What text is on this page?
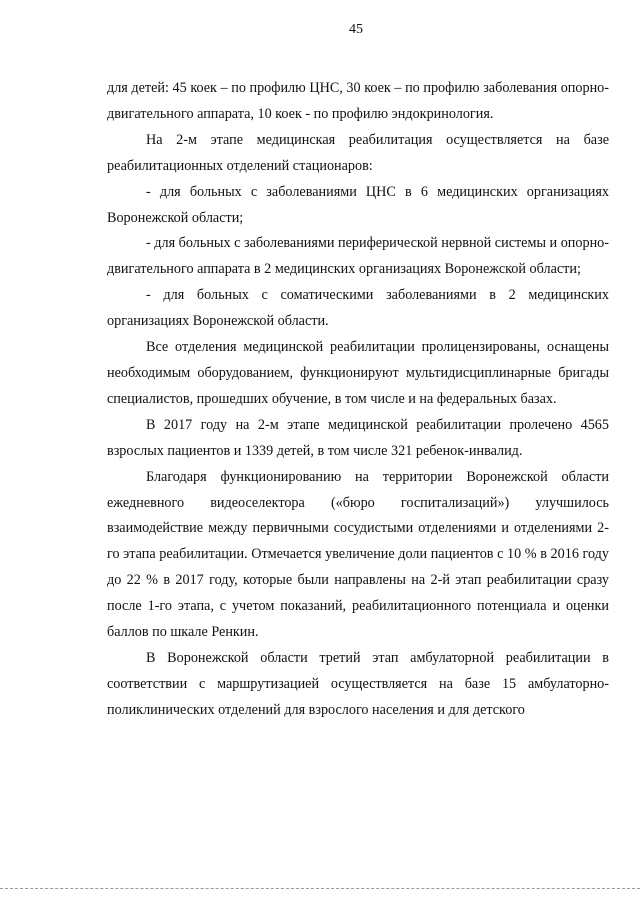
45

для детей: 45 коек – по профилю ЦНС, 30 коек – по профилю заболевания опорно-двигательного аппарата, 10 коек - по профилю эндокринология.

На 2-м этапе медицинская реабилитация осуществляется на базе реабилитационных отделений стационаров:

- для больных с заболеваниями ЦНС в 6 медицинских организациях Воронежской области;

- для больных с заболеваниями периферической нервной системы и опорно-двигательного аппарата в 2 медицинских организациях Воронежской области;

- для больных с соматическими заболеваниями в 2 медицинских организациях Воронежской области.

Все отделения медицинской реабилитации пролицензированы, оснащены необходимым оборудованием, функционируют мультидисциплинарные бригады специалистов, прошедших обучение, в том числе и на федеральных базах.

В 2017 году на 2-м этапе медицинской реабилитации пролечено 4565 взрослых пациентов и 1339 детей, в том числе 321 ребенок-инвалид.

Благодаря функционированию на территории Воронежской области ежедневного видеоселектора («бюро госпитализаций») улучшилось взаимодействие между первичными сосудистыми отделениями и отделениями 2-го этапа реабилитации. Отмечается увеличение доли пациентов с 10 % в 2016 году до 22 % в 2017 году, которые были направлены на 2-й этап реабилитации сразу после 1-го этапа, с учетом показаний, реабилитационного потенциала и оценки баллов по шкале Ренкин.

В Воронежской области третий этап амбулаторной реабилитации в соответствии с маршрутизацией осуществляется на базе 15 амбулаторно-поликлинических отделений для взрослого населения и для детского
